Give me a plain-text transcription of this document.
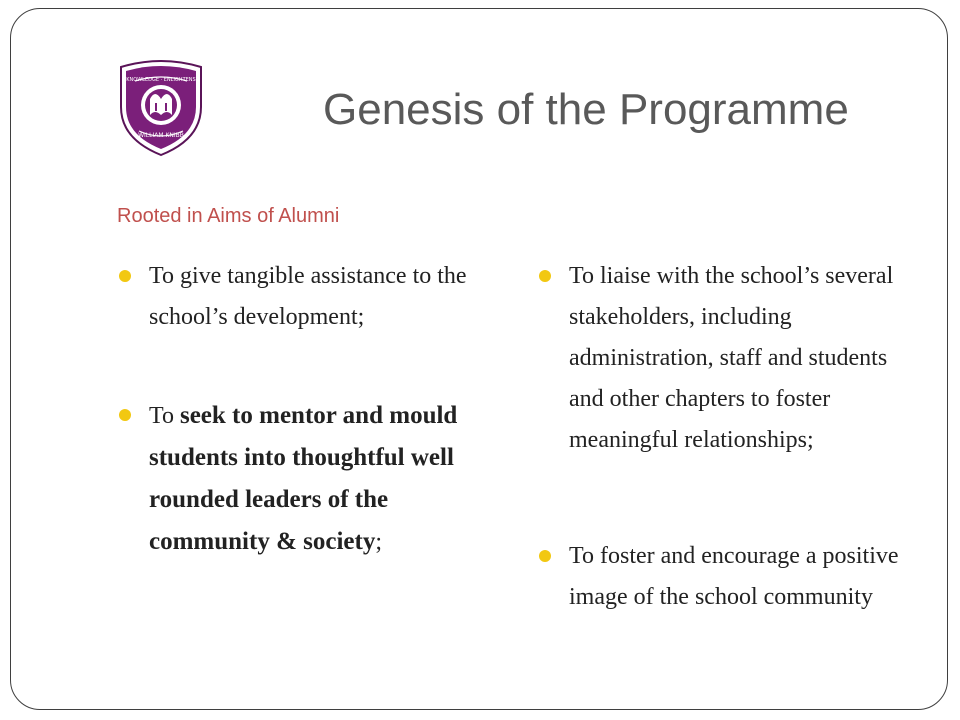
KNOWLEDGE · ENLIGHTENS
WILLIAM KNIBB
Genesis of the Programme
Rooted in Aims of Alumni
To give tangible assistance to the school’s development;
To seek to mentor and mould students into thoughtful well rounded leaders of the community & society;
To liaise with the school’s several stakeholders, including administration, staff and students and other chapters to foster meaningful relationships;
To foster and encourage a positive image of the school community
